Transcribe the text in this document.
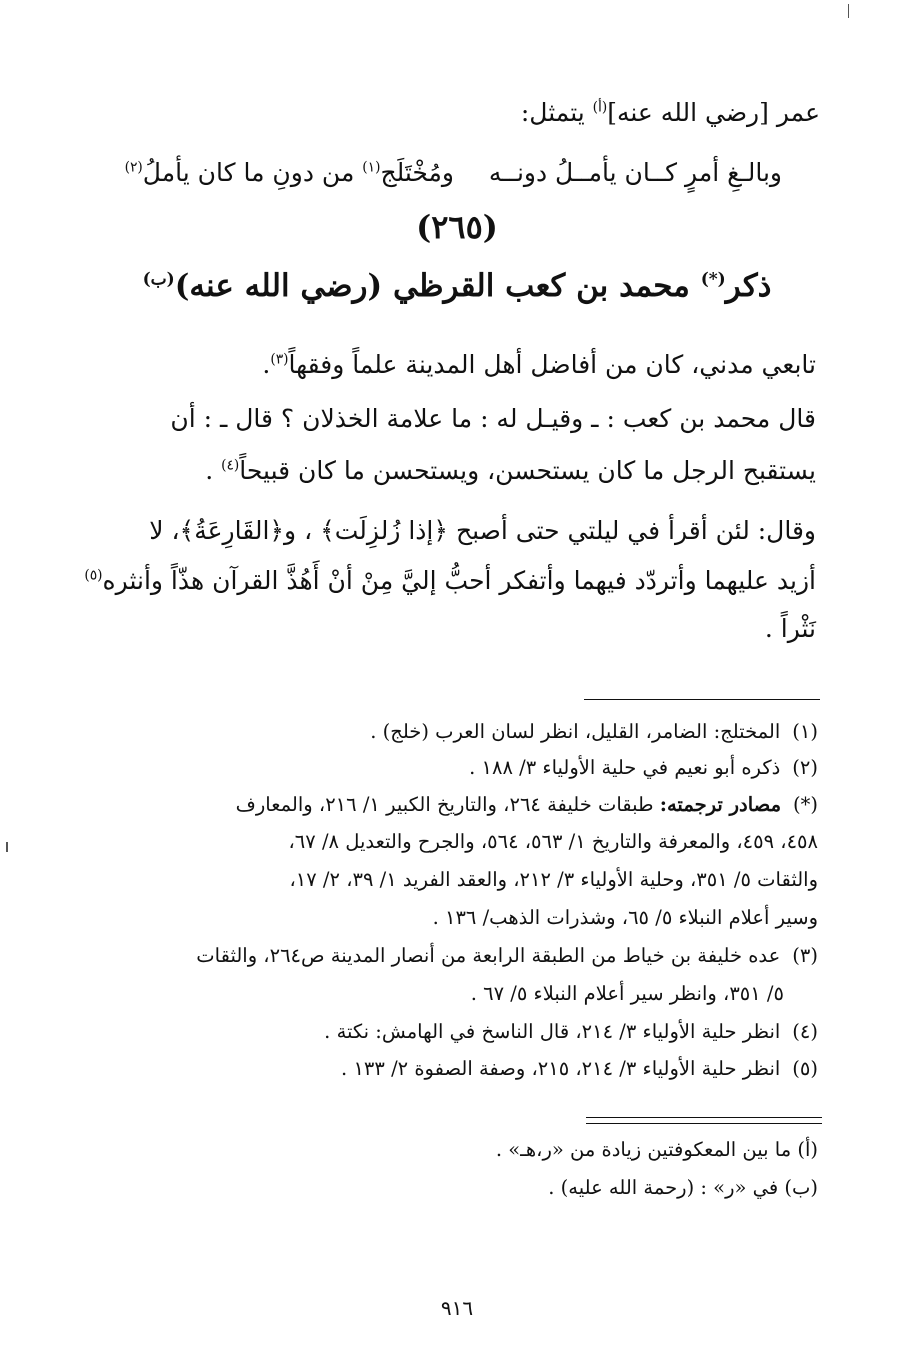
عمر [رضي الله عنه]$^{(أ)}$ يتمثل:
وبالـغِ أمرٍ كــان يأمــلُ دونــه
ومُخْتَلَج$^{(١)}$ من دونِ ما كان يأملُ$^{(٢)}$
(٢٦٥)
ذكر(*) محمد بن كعب القرظي (رضي الله عنه)$^{(ب)}$
تابعي مدني، كان من أفاضل أهل المدينة علماً وفقهاً$^{(٣)}$.
قال محمد بن كعب : ـ وقيـل له : ما علامة الخذلان ؟ قال ـ : أن
يستقبح الرجل ما كان يستحسن، ويستحسن ما كان قبيحاً$^{(٤)}$ .
وقال: لئن أقرأ في ليلتي حتى أصبح ﴿إذا زُلزِلَت﴾ ، و﴿القَارِعَةُ﴾، لا
أزيد عليهما وأتردّد فيهما وأتفكر أحبُّ إليَّ مِنْ أنْ أَهُذَّ القرآن هذّاً وأنثره$^{(٥)}$
نَثْراً .
(١)المختلج: الضامر، القليل، انظر لسان العرب (خلج) .
(٢)ذكره أبو نعيم في حلية الأولياء ٣/ ١٨٨ .
(*)مصادر ترجمته: طبقات خليفة ٢٦٤، والتاريخ الكبير ١/ ٢١٦، والمعارف
٤٥٨، ٤٥٩، والمعرفة والتاريخ ١/ ٥٦٣، ٥٦٤، والجرح والتعديل ٨/ ٦٧،
والثقات ٥/ ٣٥١، وحلية الأولياء ٣/ ٢١٢، والعقد الفريد ١/ ٣٩، ٢/ ١٧،
وسير أعلام النبلاء ٥/ ٦٥، وشذرات الذهب/ ١٣٦ .
(٣)عده خليفة بن خياط من الطبقة الرابعة من أنصار المدينة ص٢٦٤، والثقات
٥/ ٣٥١، وانظر سير أعلام النبلاء ٥/ ٦٧ .
(٤)انظر حلية الأولياء ٣/ ٢١٤، قال الناسخ في الهامش: نكتة .
(٥)انظر حلية الأولياء ٣/ ٢١٤، ٢١٥، وصفة الصفوة ٢/ ١٣٣ .
(أ) ما بين المعكوفتين زيادة من «ر،هـ» .
(ب) في «ر» : (رحمة الله عليه) .
٩١٦
